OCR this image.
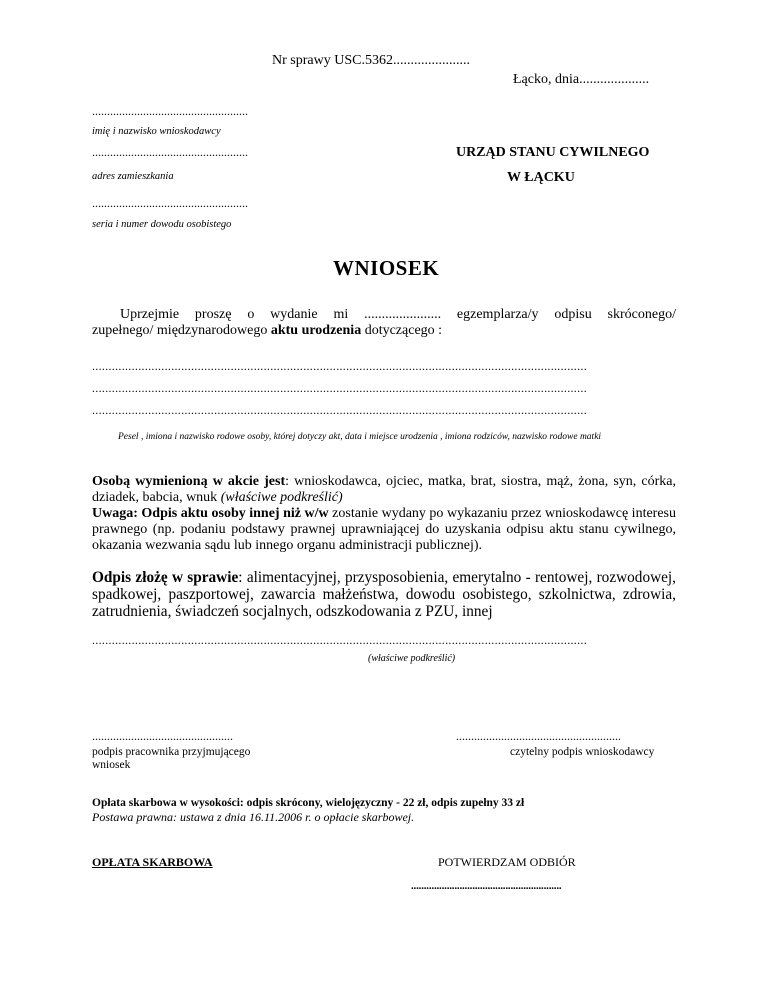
Nr sprawy USC.5362......................
Łącko, dnia....................
....................................................
imię i nazwisko wnioskodawcy
....................................................
adres zamieszkania
....................................................
seria i numer dowodu osobistego
URZĄD STANU CYWILNEGO
W ŁĄCKU
WNIOSEK
Uprzejmie proszę o wydanie mi ...................... egzemplarza/y odpisu skróconego/
zupełnego/ międzynarodowego aktu urodzenia dotyczącego :
......................................................................................................................................................
......................................................................................................................................................
......................................................................................................................................................
Pesel , imiona i nazwisko rodowe osoby, której dotyczy akt, data i miejsce urodzenia , imiona rodziców, nazwisko rodowe matki
Osobą wymienioną w akcie jest: wnioskodawca, ojciec, matka, brat, siostra, mąż, żona, syn, córka, dziadek, babcia, wnuk (właściwe podkreślić)
Uwaga: Odpis aktu osoby innej niż w/w zostanie wydany po wykazaniu przez wnioskodawcę interesu prawnego (np. podaniu podstawy prawnej uprawniającej do uzyskania odpisu aktu stanu cywilnego, okazania wezwania sądu lub innego organu administracji publicznej).
Odpis złożę w sprawie: alimentacyjnej, przysposobienia, emerytalno - rentowej, rozwodowej, spadkowej, paszportowej, zawarcia małżeństwa, dowodu osobistego, szkolnictwa, zdrowia, zatrudnienia, świadczeń socjalnych, odszkodowania z PZU, innej
......................................................................................................................................................
(właściwe podkreślić)
...............................................
podpis pracownika przyjmującego wniosek
.......................................................
czytelny podpis wnioskodawcy
Opłata skarbowa w wysokości: odpis skrócony, wielojęzyczny - 22 zł, odpis zupełny 33 zł
Postawa prawna: ustawa z dnia 16.11.2006 r. o opłacie skarbowej.
OPŁATA SKARBOWA	POTWIERDZAM ODBIÓR
...........................................................
